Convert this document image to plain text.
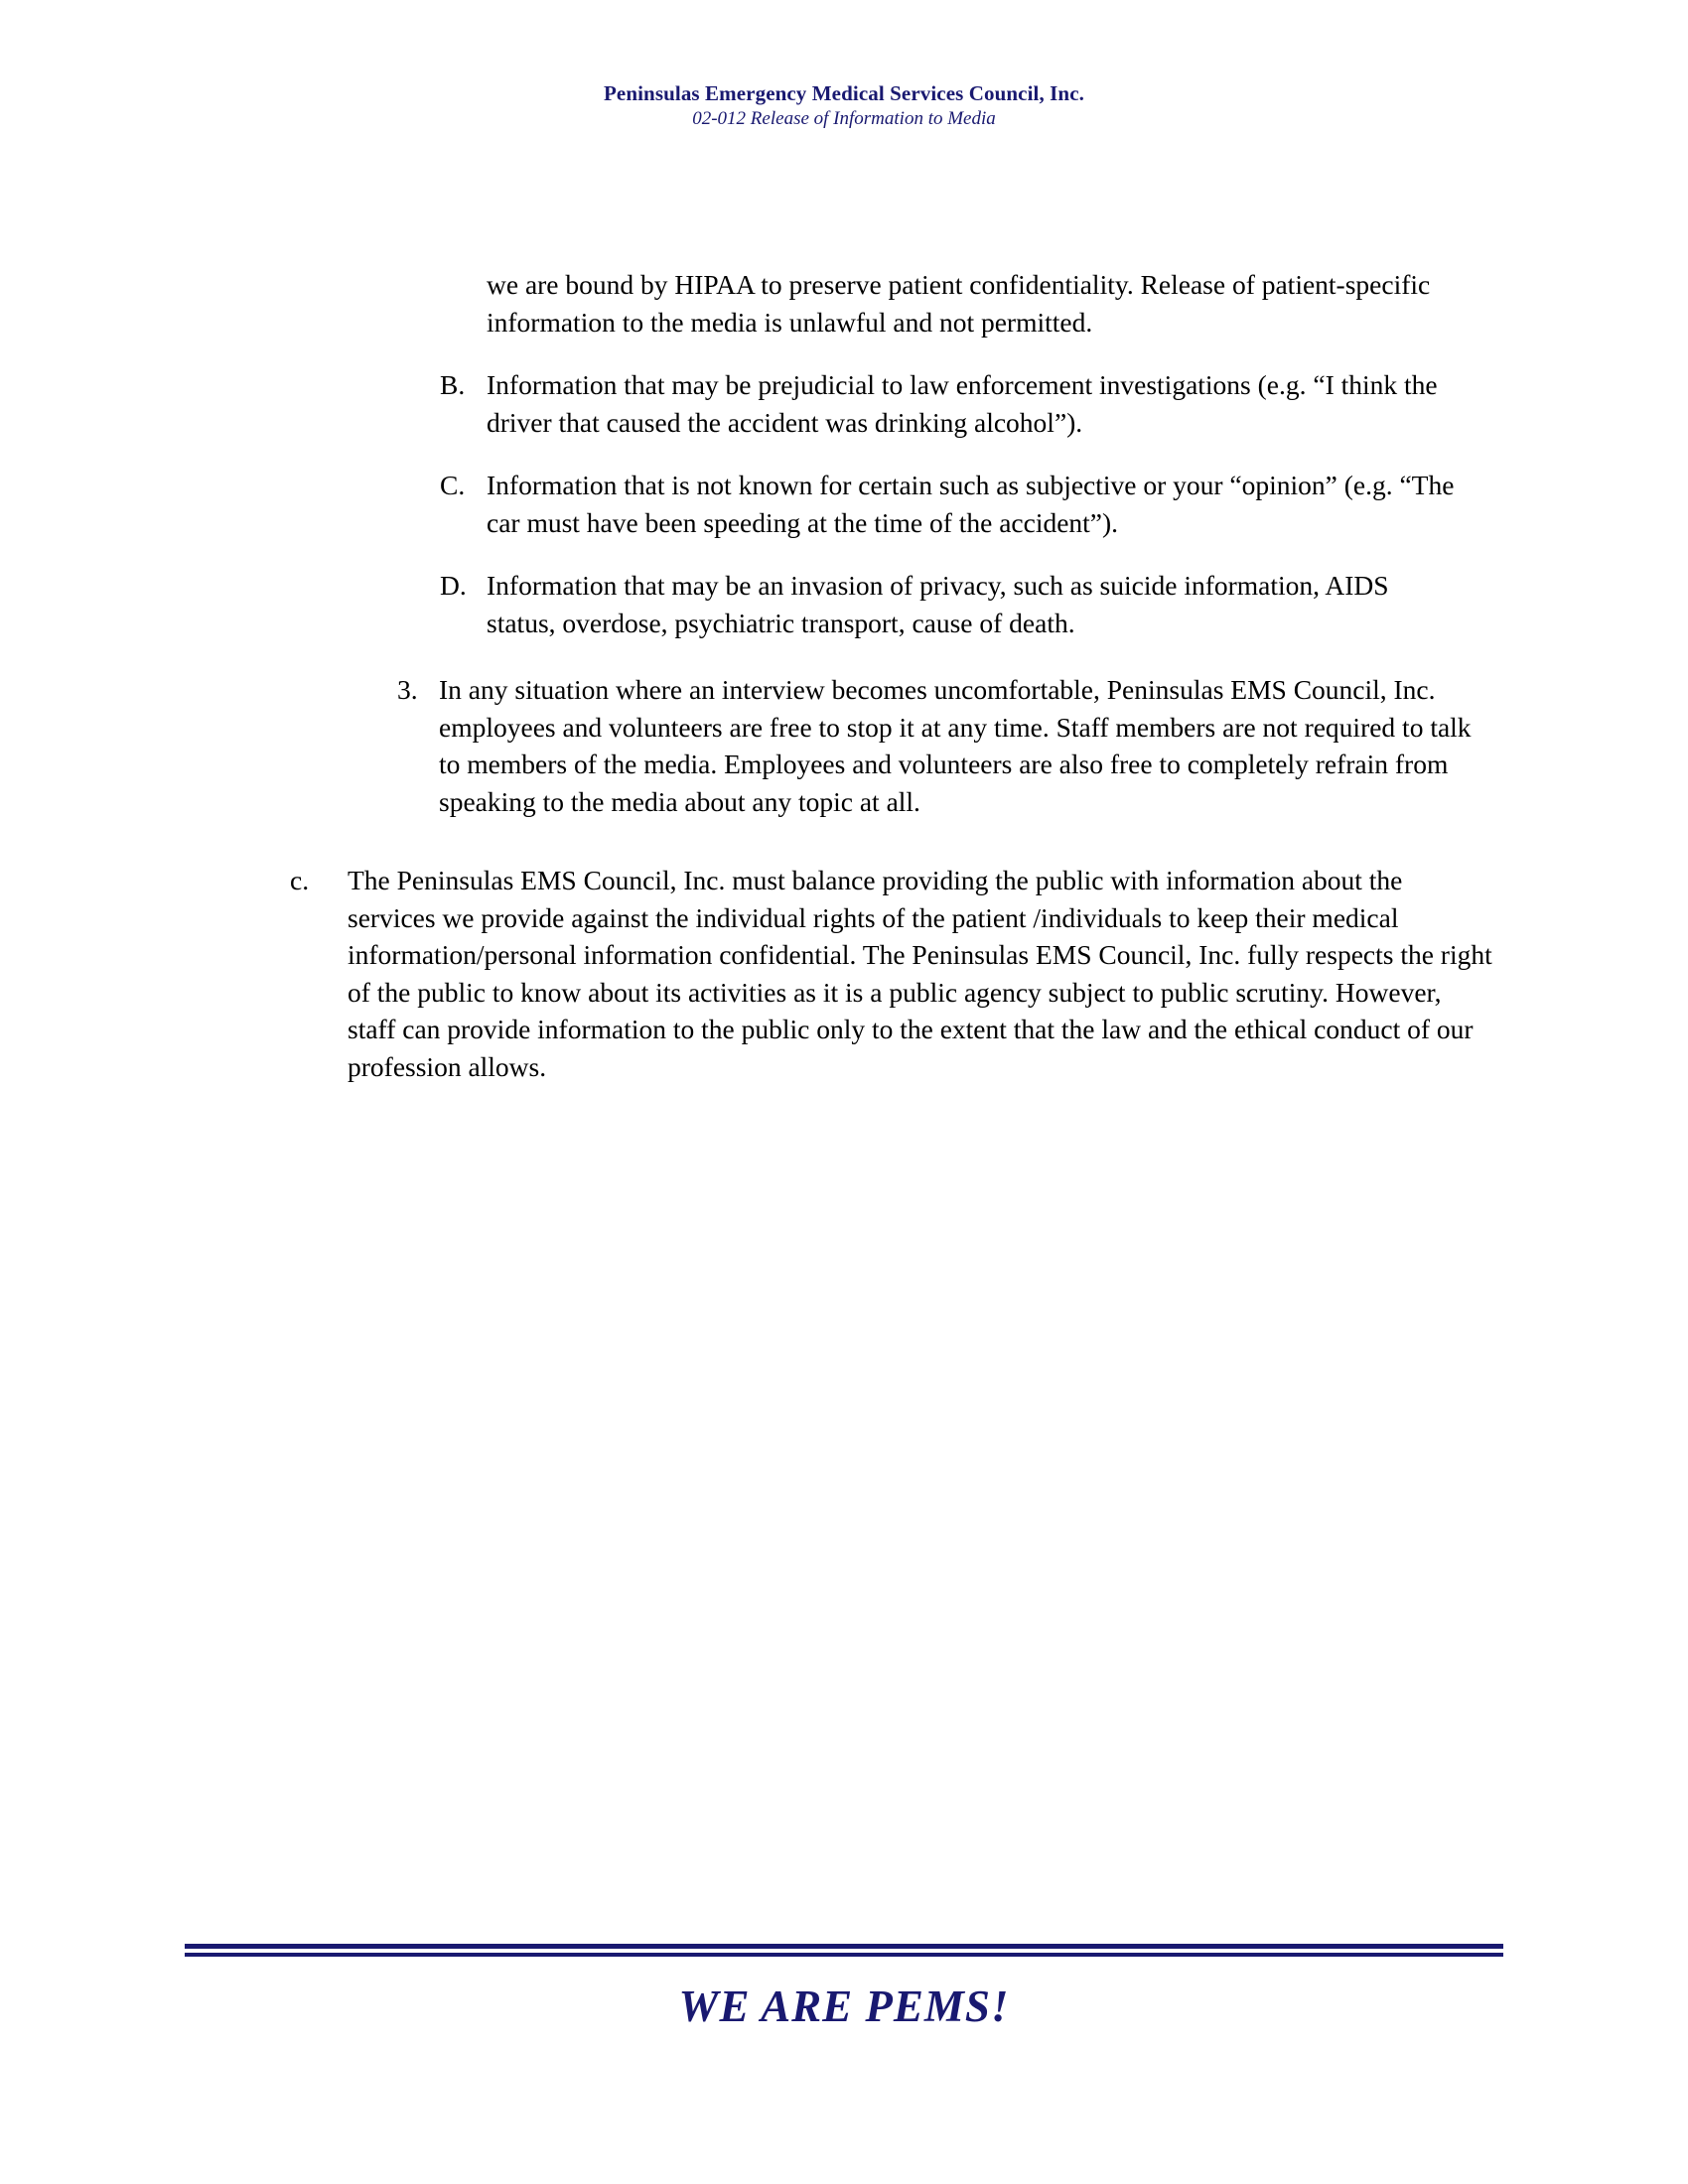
Peninsulas Emergency Medical Services Council, Inc.
02-012 Release of Information to Media
we are bound by HIPAA to preserve patient confidentiality. Release of patient-specific information to the media is unlawful and not permitted.
B. Information that may be prejudicial to law enforcement investigations (e.g. “I think the driver that caused the accident was drinking alcohol”).
C. Information that is not known for certain such as subjective or your “opinion” (e.g. “The car must have been speeding at the time of the accident”).
D. Information that may be an invasion of privacy, such as suicide information, AIDS status, overdose, psychiatric transport, cause of death.
3. In any situation where an interview becomes uncomfortable, Peninsulas EMS Council, Inc. employees and volunteers are free to stop it at any time. Staff members are not required to talk to members of the media. Employees and volunteers are also free to completely refrain from speaking to the media about any topic at all.
c.	The Peninsulas EMS Council, Inc. must balance providing the public with information about the services we provide against the individual rights of the patient /individuals to keep their medical information/personal information confidential. The Peninsulas EMS Council, Inc. fully respects the right of the public to know about its activities as it is a public agency subject to public scrutiny. However, staff can provide information to the public only to the extent that the law and the ethical conduct of our profession allows.
WE ARE PEMS!
